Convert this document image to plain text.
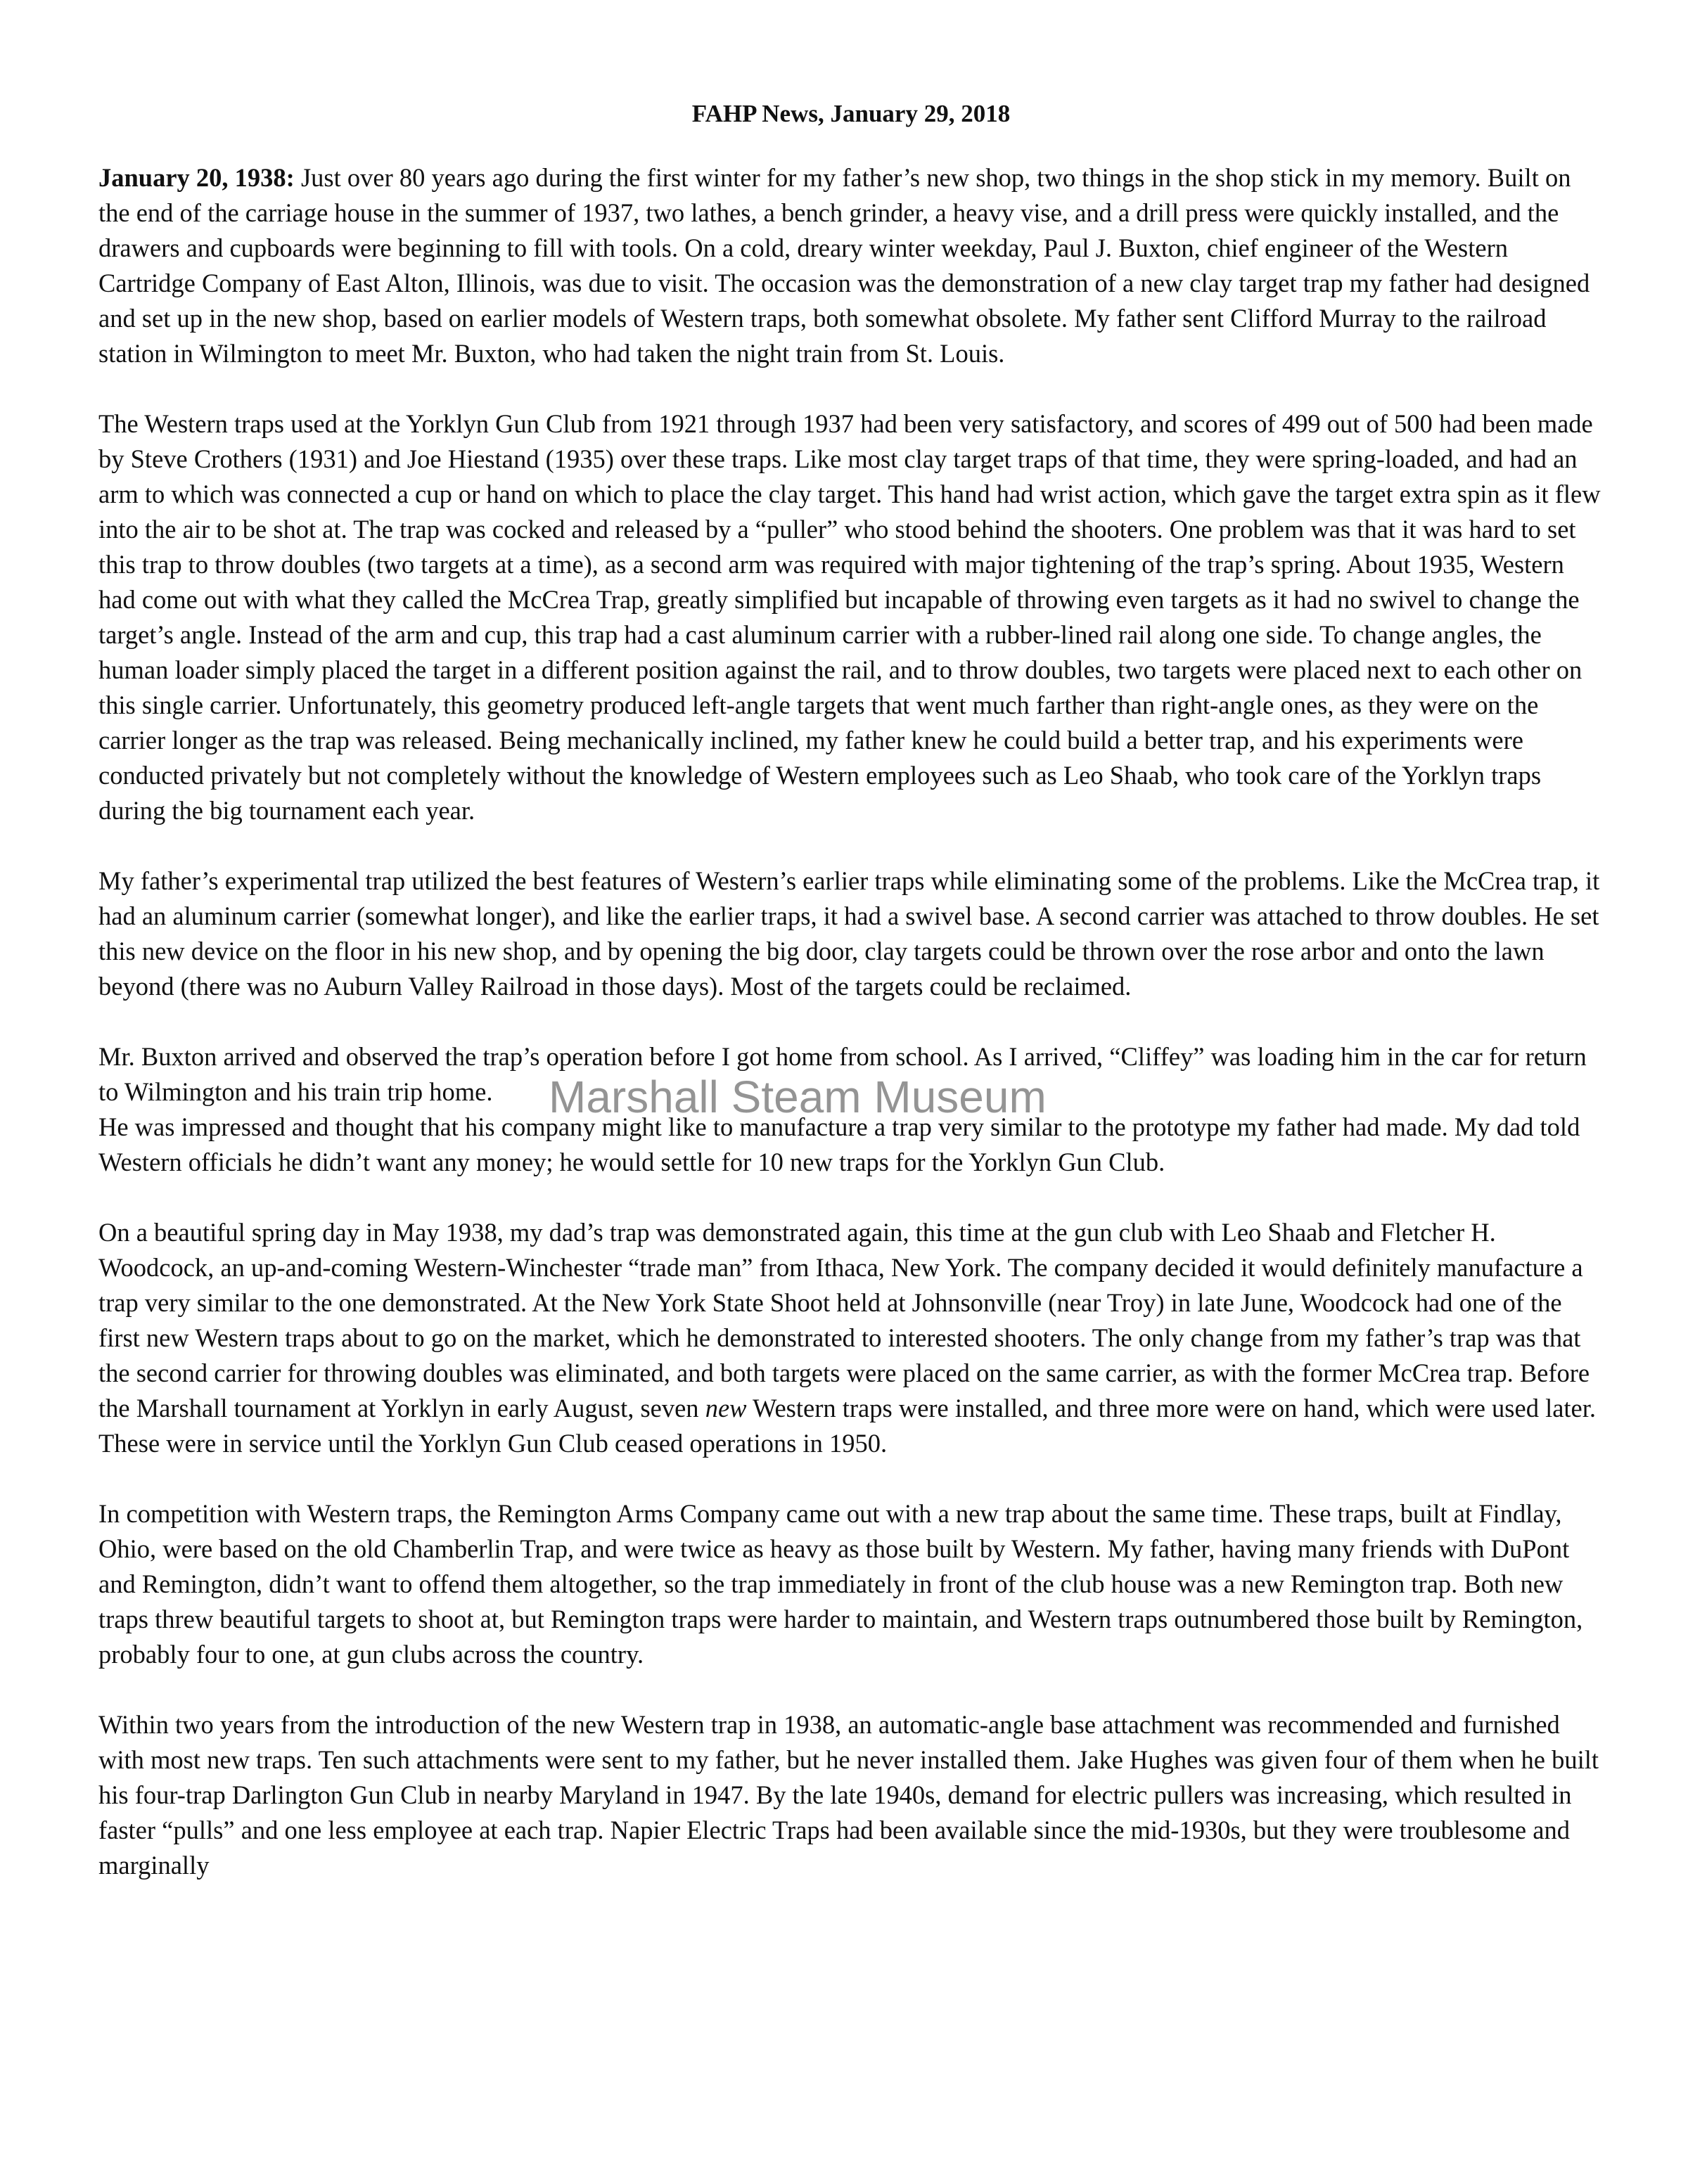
FAHP News, January 29, 2018

January 20, 1938: Just over 80 years ago during the first winter for my father’s new shop, two things in the shop stick in my memory. Built on the end of the carriage house in the summer of 1937, two lathes, a bench grinder, a heavy vise, and a drill press were quickly installed, and the drawers and cupboards were beginning to fill with tools. On a cold, dreary winter weekday, Paul J. Buxton, chief engineer of the Western Cartridge Company of East Alton, Illinois, was due to visit. The occasion was the demonstration of a new clay target trap my father had designed and set up in the new shop, based on earlier models of Western traps, both somewhat obsolete. My father sent Clifford Murray to the railroad station in Wilmington to meet Mr. Buxton, who had taken the night train from St. Louis.

The Western traps used at the Yorklyn Gun Club from 1921 through 1937 had been very satisfactory, and scores of 499 out of 500 had been made by Steve Crothers (1931) and Joe Hiestand (1935) over these traps. Like most clay target traps of that time, they were spring-loaded, and had an arm to which was connected a cup or hand on which to place the clay target. This hand had wrist action, which gave the target extra spin as it flew into the air to be shot at. The trap was cocked and released by a “puller” who stood behind the shooters. One problem was that it was hard to set this trap to throw doubles (two targets at a time), as a second arm was required with major tightening of the trap’s spring. About 1935, Western had come out with what they called the McCrea Trap, greatly simplified but incapable of throwing even targets as it had no swivel to change the target’s angle. Instead of the arm and cup, this trap had a cast aluminum carrier with a rubber-lined rail along one side. To change angles, the human loader simply placed the target in a different position against the rail, and to throw doubles, two targets were placed next to each other on this single carrier. Unfortunately, this geometry produced left-angle targets that went much farther than right-angle ones, as they were on the carrier longer as the trap was released. Being mechanically inclined, my father knew he could build a better trap, and his experiments were conducted privately but not completely without the knowledge of Western employees such as Leo Shaab, who took care of the Yorklyn traps during the big tournament each year.

My father’s experimental trap utilized the best features of Western’s earlier traps while eliminating some of the problems. Like the McCrea trap, it had an aluminum carrier (somewhat longer), and like the earlier traps, it had a swivel base. A second carrier was attached to throw doubles. He set this new device on the floor in his new shop, and by opening the big door, clay targets could be thrown over the rose arbor and onto the lawn beyond (there was no Auburn Valley Railroad in those days). Most of the targets could be reclaimed.

Mr. Buxton arrived and observed the trap’s operation before I got home from school. As I arrived, “Cliffey” was loading him in the car for return to Wilmington and his train trip home.

He was impressed and thought that his company might like to manufacture a trap very similar to the prototype my father had made. My dad told Western officials he didn’t want any money; he would settle for 10 new traps for the Yorklyn Gun Club.

On a beautiful spring day in May 1938, my dad’s trap was demonstrated again, this time at the gun club with Leo Shaab and Fletcher H. Woodcock, an up-and-coming Western-Winchester “trade man” from Ithaca, New York. The company decided it would definitely manufacture a trap very similar to the one demonstrated. At the New York State Shoot held at Johnsonville (near Troy) in late June, Woodcock had one of the first new Western traps about to go on the market, which he demonstrated to interested shooters. The only change from my father’s trap was that the second carrier for throwing doubles was eliminated, and both targets were placed on the same carrier, as with the former McCrea trap. Before the Marshall tournament at Yorklyn in early August, seven new Western traps were installed, and three more were on hand, which were used later. These were in service until the Yorklyn Gun Club ceased operations in 1950.

In competition with Western traps, the Remington Arms Company came out with a new trap about the same time. These traps, built at Findlay, Ohio, were based on the old Chamberlin Trap, and were twice as heavy as those built by Western. My father, having many friends with DuPont and Remington, didn’t want to offend them altogether, so the trap immediately in front of the club house was a new Remington trap. Both new traps threw beautiful targets to shoot at, but Remington traps were harder to maintain, and Western traps outnumbered those built by Remington, probably four to one, at gun clubs across the country.

Within two years from the introduction of the new Western trap in 1938, an automatic-angle base attachment was recommended and furnished with most new traps. Ten such attachments were sent to my father, but he never installed them. Jake Hughes was given four of them when he built his four-trap Darlington Gun Club in nearby Maryland in 1947. By the late 1940s, demand for electric pullers was increasing, which resulted in faster “pulls” and one less employee at each trap. Napier Electric Traps had been available since the mid-1930s, but they were troublesome and marginally

Marshall Steam Museum
